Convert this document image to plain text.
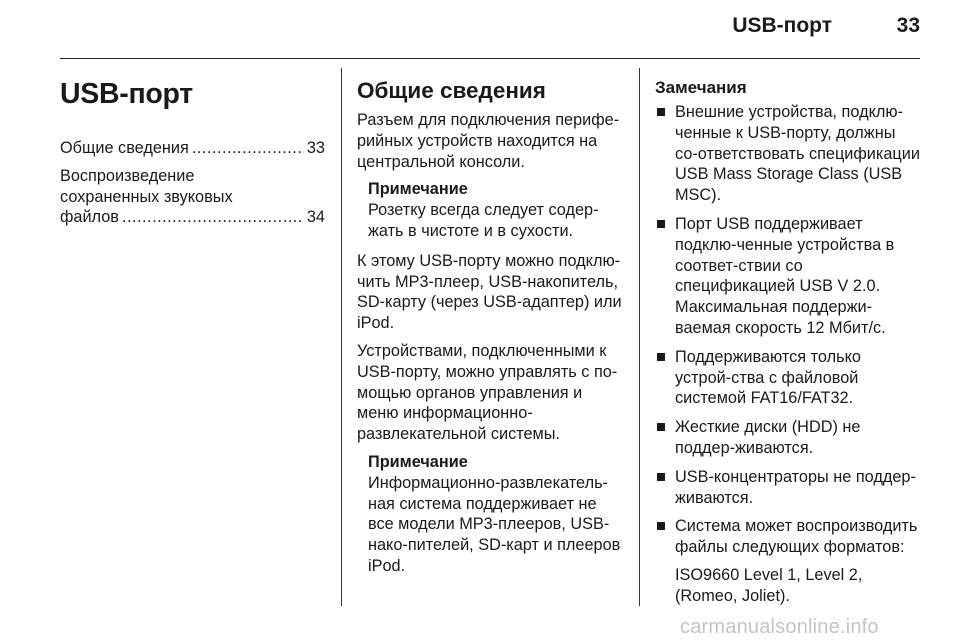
USB-порт	33
USB-порт
Общие сведения .....	33
Воспроизведение
сохраненных звуковых
файлов .....	34
Общие сведения

Разъем для подключения перифе-рийных устройств находится на центральной консоли.

Примечание
Розетку всегда следует содер-жать в чистоте и в сухости.

К этому USB-порту можно подклю-чить MP3-плеер, USB-накопитель, SD-карту (через USB-адаптер) или iPod.

Устройствами, подключенными к USB-порту, можно управлять с по-мощью органов управления и меню информационно-развлекательной системы.

Примечание
Информационно-развлекатель-ная система поддерживает не все модели MP3-плееров, USB-нако-пителей, SD-карт и плееров iPod.
Замечания
Внешние устройства, подклю-ченные к USB-порту, должны со-ответствовать спецификации USB Mass Storage Class (USB MSC).
Порт USB поддерживает подклю-ченные устройства в соответ-ствии со спецификацией USB V 2.0. Максимальная поддержи-ваемая скорость 12 Мбит/с.
Поддерживаются только устрой-ства с файловой системой FAT16/FAT32.
Жесткие диски (HDD) не поддер-живаются.
USB-концентраторы не поддер-живаются.
Система может воспроизводить файлы следующих форматов:
ISO9660 Level 1, Level 2, (Romeo, Joliet).
carmanualsonline.info
